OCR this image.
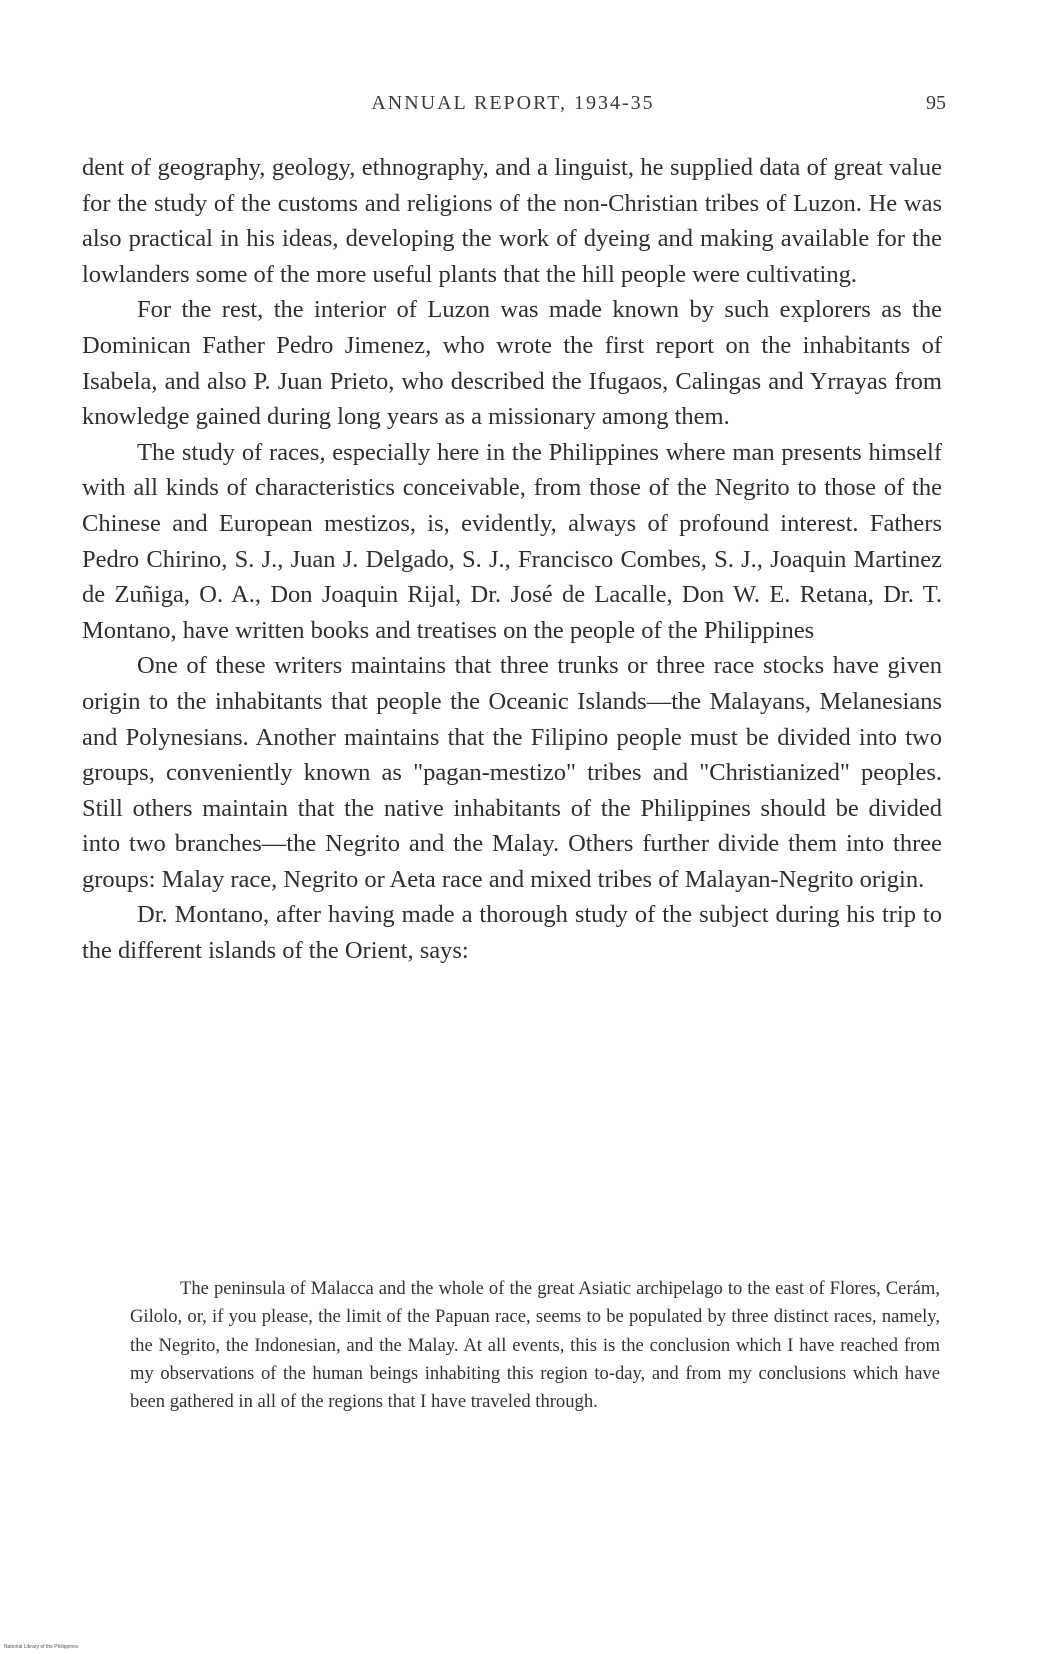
ANNUAL REPORT, 1934-35	95

dent of geography, geology, ethnography, and a linguist, he supplied data of great value for the study of the customs and religions of the non-Christian tribes of Luzon. He was also practical in his ideas, developing the work of dyeing and making available for the lowlanders some of the more useful plants that the hill people were cultivating.

For the rest, the interior of Luzon was made known by such explorers as the Dominican Father Pedro Jimenez, who wrote the first report on the inhabitants of Isabela, and also P. Juan Prieto, who described the Ifugaos, Calingas and Yrrayas from knowledge gained during long years as a missionary among them.

The study of races, especially here in the Philippines where man presents himself with all kinds of characteristics conceivable, from those of the Negrito to those of the Chinese and European mestizos, is, evidently, always of profound interest. Fathers Pedro Chirino, S. J., Juan J. Delgado, S. J., Francisco Combes, S. J., Joaquin Martinez de Zuñiga, O. A., Don Joaquin Rijal, Dr. José de Lacalle, Don W. E. Retana, Dr. T. Montano, have written books and treatises on the people of the Philippines

One of these writers maintains that three trunks or three race stocks have given origin to the inhabitants that people the Oceanic Islands—the Malayans, Melanesians and Polynesians. Another maintains that the Filipino people must be divided into two groups, conveniently known as "pagan-mestizo" tribes and "Christianized" peoples. Still others maintain that the native inhabitants of the Philippines should be divided into two branches—the Negrito and the Malay. Others further divide them into three groups: Malay race, Negrito or Aeta race and mixed tribes of Malayan-Negrito origin.

Dr. Montano, after having made a thorough study of the subject during his trip to the different islands of the Orient, says:

The peninsula of Malacca and the whole of the great Asiatic archipelago to the east of Flores, Cerám, Gilolo, or, if you please, the limit of the Papuan race, seems to be populated by three distinct races, namely, the Negrito, the Indonesian, and the Malay. At all events, this is the conclusion which I have reached from my observations of the human beings inhabiting this region to-day, and from my conclusions which have been gathered in all of the regions that I have traveled through.
National Library of the Philippines
